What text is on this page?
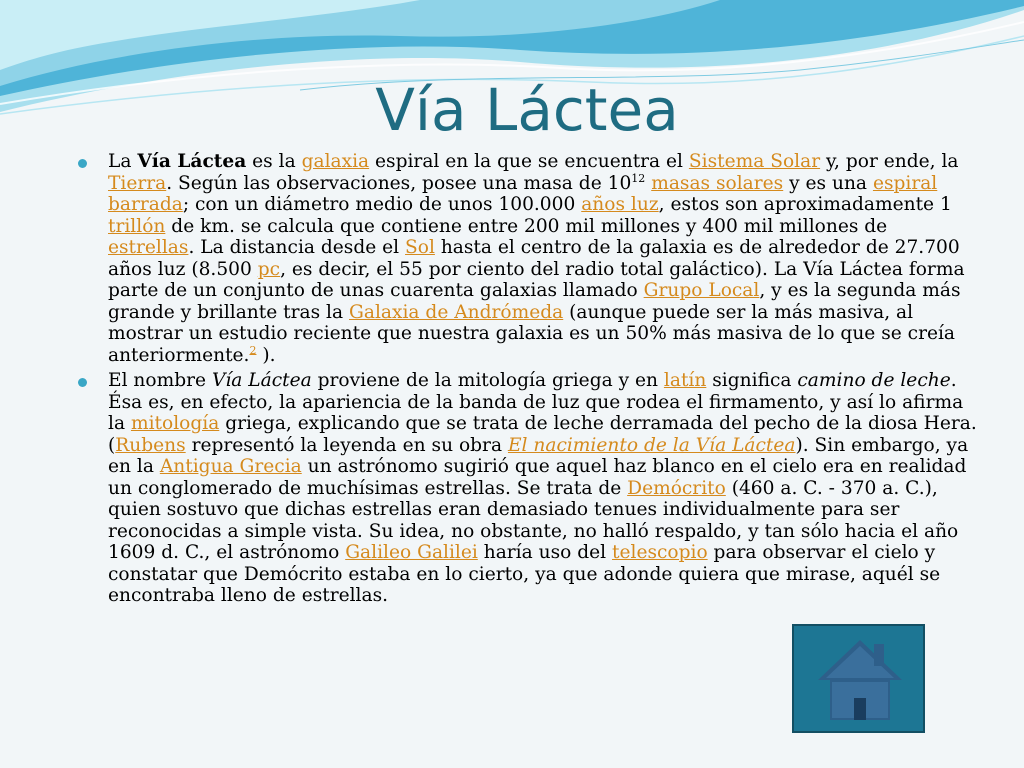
Vía Láctea

La Vía Láctea es la galaxia espiral en la que se encuentra el Sistema Solar y, por ende, la Tierra. Según las observaciones, posee una masa de $10^{12}$ masas solares y es una espiral barrada; con un diámetro medio de unos 100.000 años luz, estos son aproximadamente 1 trillón de km. se calcula que contiene entre 200 mil millones y 400 mil millones de estrellas. La distancia desde el Sol hasta el centro de la galaxia es de alrededor de 27.700 años luz (8.500 pc, es decir, el 55 por ciento del radio total galáctico). La Vía Láctea forma parte de un conjunto de unas cuarenta galaxias llamado Grupo Local, y es la segunda más grande y brillante tras la Galaxia de Andrómeda (aunque puede ser la más masiva, al mostrar un estudio reciente que nuestra galaxia es un 50% más masiva de lo que se creía anteriormente.$^2$ ).

El nombre Vía Láctea proviene de la mitología griega y en latín significa camino de leche. Ésa es, en efecto, la apariencia de la banda de luz que rodea el firmamento, y así lo afirma la mitología griega, explicando que se trata de leche derramada del pecho de la diosa Hera. (Rubens representó la leyenda en su obra El nacimiento de la Vía Láctea). Sin embargo, ya en la Antigua Grecia un astrónomo sugirió que aquel haz blanco en el cielo era en realidad un conglomerado de muchísimas estrellas. Se trata de Demócrito (460 a. C. - 370 a. C.), quien sostuvo que dichas estrellas eran demasiado tenues individualmente para ser reconocidas a simple vista. Su idea, no obstante, no halló respaldo, y tan sólo hacia el año 1609 d. C., el astrónomo Galileo Galilei haría uso del telescopio para observar el cielo y constatar que Demócrito estaba en lo cierto, ya que adonde quiera que mirase, aquél se encontraba lleno de estrellas.
